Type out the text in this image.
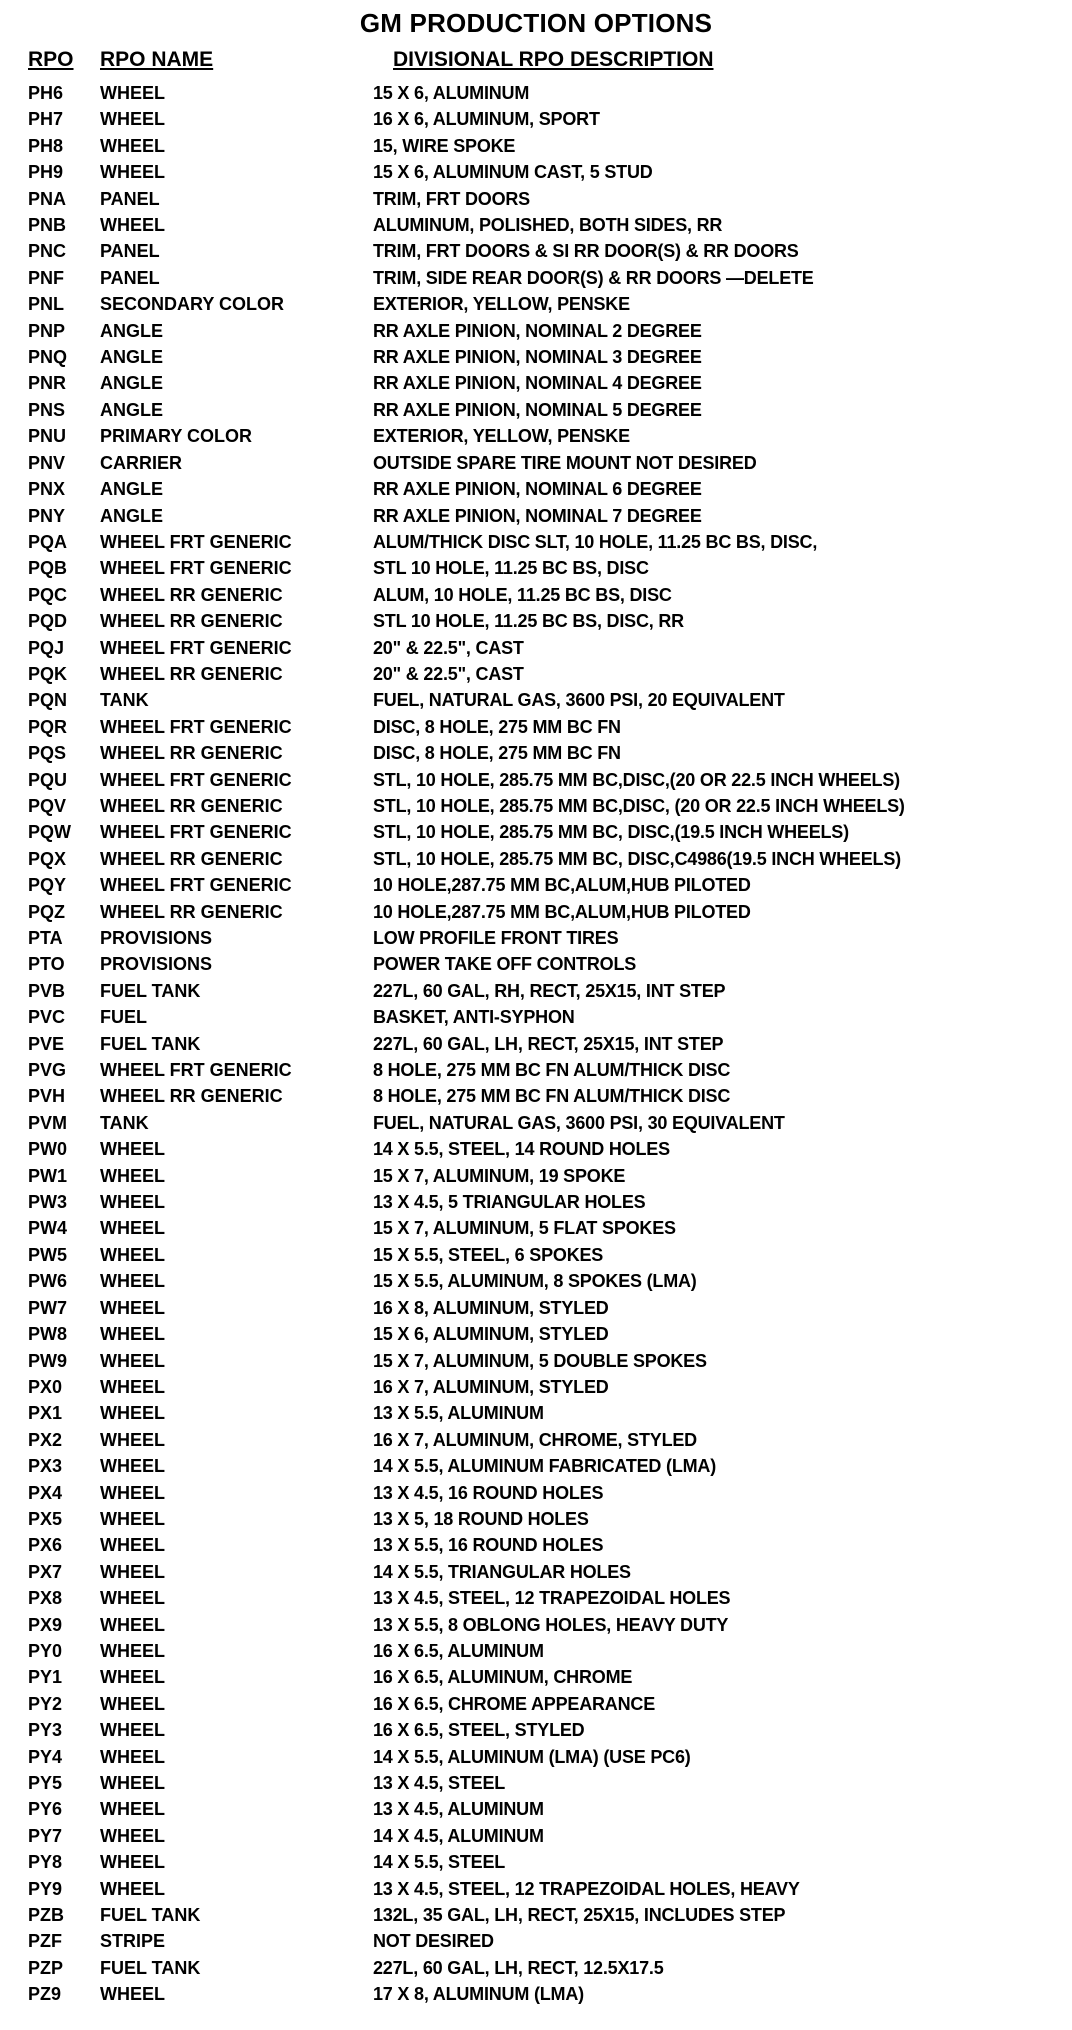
GM PRODUCTION OPTIONS
RPO RPO NAME	DIVISIONAL RPO DESCRIPTION
PH6 WHEEL	15 X 6, ALUMINUM
PH7 WHEEL	16 X 6, ALUMINUM, SPORT
PH8 WHEEL	15, WIRE SPOKE
PH9 WHEEL	15 X 6, ALUMINUM CAST, 5 STUD
PNA PANEL	TRIM, FRT DOORS
PNB WHEEL	ALUMINUM, POLISHED, BOTH SIDES, RR
PNC PANEL	TRIM, FRT DOORS & SI RR DOOR(S) & RR DOORS
PNF PANEL	TRIM, SIDE REAR DOOR(S) & RR DOORS —DELETE
PNL SECONDARY COLOR	EXTERIOR, YELLOW, PENSKE
PNP ANGLE	RR AXLE PINION, NOMINAL 2 DEGREE
PNQ ANGLE	RR AXLE PINION, NOMINAL 3 DEGREE
PNR ANGLE	RR AXLE PINION, NOMINAL 4 DEGREE
PNS ANGLE	RR AXLE PINION, NOMINAL 5 DEGREE
PNU PRIMARY COLOR	EXTERIOR, YELLOW, PENSKE
PNV CARRIER	OUTSIDE SPARE TIRE MOUNT NOT DESIRED
PNX ANGLE	RR AXLE PINION, NOMINAL 6 DEGREE
PNY ANGLE	RR AXLE PINION, NOMINAL 7 DEGREE
PQA WHEEL FRT GENERIC	ALUM/THICK DISC SLT, 10 HOLE, 11.25 BC BS, DISC,
PQB WHEEL FRT GENERIC	STL 10 HOLE, 11.25 BC BS, DISC
PQC WHEEL RR GENERIC	ALUM, 10 HOLE, 11.25 BC BS, DISC
PQD WHEEL RR GENERIC	STL 10 HOLE, 11.25 BC BS, DISC, RR
PQJ WHEEL FRT GENERIC	20" & 22.5", CAST
PQK WHEEL RR GENERIC	20" & 22.5", CAST
PQN TANK	FUEL, NATURAL GAS, 3600 PSI, 20 EQUIVALENT
PQR WHEEL FRT GENERIC	DISC, 8 HOLE, 275 MM BC FN
PQS WHEEL RR GENERIC	DISC, 8 HOLE, 275 MM BC FN
PQU WHEEL FRT GENERIC	STL, 10 HOLE, 285.75 MM BC,DISC,(20 OR 22.5 INCH WHEELS)
PQV WHEEL RR GENERIC	STL, 10 HOLE, 285.75 MM BC,DISC, (20 OR 22.5 INCH WHEELS)
PQW WHEEL FRT GENERIC	STL, 10 HOLE, 285.75 MM BC, DISC,(19.5 INCH WHEELS)
PQX WHEEL RR GENERIC	STL, 10 HOLE, 285.75 MM BC, DISC,C4986(19.5 INCH WHEELS)
PQY WHEEL FRT GENERIC	10 HOLE,287.75 MM BC,ALUM,HUB PILOTED
PQZ WHEEL RR GENERIC	10 HOLE,287.75 MM BC,ALUM,HUB PILOTED
PTA PROVISIONS	LOW PROFILE FRONT TIRES
PTO PROVISIONS	POWER TAKE OFF CONTROLS
PVB FUEL TANK	227L, 60 GAL, RH, RECT, 25X15, INT STEP
PVC FUEL	BASKET, ANTI-SYPHON
PVE FUEL TANK	227L, 60 GAL, LH, RECT, 25X15, INT STEP
PVG WHEEL FRT GENERIC	8 HOLE, 275 MM BC FN ALUM/THICK DISC
PVH WHEEL RR GENERIC	8 HOLE, 275 MM BC FN ALUM/THICK DISC
PVM TANK	FUEL, NATURAL GAS, 3600 PSI, 30 EQUIVALENT
PW0 WHEEL	14 X 5.5, STEEL, 14 ROUND HOLES
PW1 WHEEL	15 X 7, ALUMINUM, 19 SPOKE
PW3 WHEEL	13 X 4.5, 5 TRIANGULAR HOLES
PW4 WHEEL	15 X 7, ALUMINUM, 5 FLAT SPOKES
PW5 WHEEL	15 X 5.5, STEEL, 6 SPOKES
PW6 WHEEL	15 X 5.5, ALUMINUM, 8 SPOKES (LMA)
PW7 WHEEL	16 X 8, ALUMINUM, STYLED
PW8 WHEEL	15 X 6, ALUMINUM, STYLED
PW9 WHEEL	15 X 7, ALUMINUM, 5 DOUBLE SPOKES
PX0 WHEEL	16 X 7, ALUMINUM, STYLED
PX1 WHEEL	13 X 5.5, ALUMINUM
PX2 WHEEL	16 X 7, ALUMINUM, CHROME, STYLED
PX3 WHEEL	14 X 5.5, ALUMINUM FABRICATED (LMA)
PX4 WHEEL	13 X 4.5, 16 ROUND HOLES
PX5 WHEEL	13 X 5, 18 ROUND HOLES
PX6 WHEEL	13 X 5.5, 16 ROUND HOLES
PX7 WHEEL	14 X 5.5, TRIANGULAR HOLES
PX8 WHEEL	13 X 4.5, STEEL, 12 TRAPEZOIDAL HOLES
PX9 WHEEL	13 X 5.5, 8 OBLONG HOLES, HEAVY DUTY
PY0 WHEEL	16 X 6.5, ALUMINUM
PY1 WHEEL	16 X 6.5, ALUMINUM, CHROME
PY2 WHEEL	16 X 6.5, CHROME APPEARANCE
PY3 WHEEL	16 X 6.5, STEEL, STYLED
PY4 WHEEL	14 X 5.5, ALUMINUM (LMA) (USE PC6)
PY5 WHEEL	13 X 4.5, STEEL
PY6 WHEEL	13 X 4.5, ALUMINUM
PY7 WHEEL	14 X 4.5, ALUMINUM
PY8 WHEEL	14 X 5.5, STEEL
PY9 WHEEL	13 X 4.5, STEEL, 12 TRAPEZOIDAL HOLES, HEAVY
PZB FUEL TANK	132L, 35 GAL, LH, RECT, 25X15, INCLUDES STEP
PZF STRIPE	NOT DESIRED
PZP FUEL TANK	227L, 60 GAL, LH, RECT, 12.5X17.5
PZ9 WHEEL	17 X 8, ALUMINUM (LMA)
